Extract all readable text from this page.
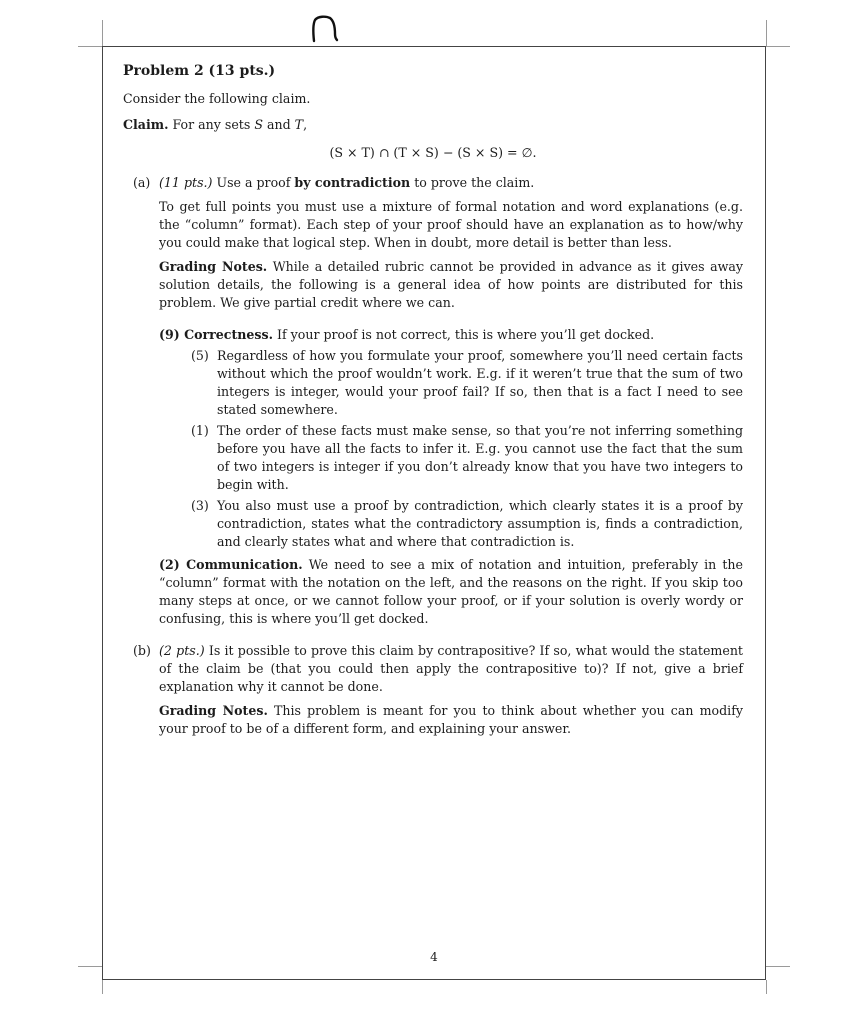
Problem 2 (13 pts.)

Consider the following claim.

Claim. For any sets S and T,

(S × T) ∩ (T × S) − (S × S) = ∅.

(a) (11 pts.) Use a proof by contradiction to prove the claim.

To get full points you must use a mixture of formal notation and word explanations (e.g. the “column” format). Each step of your proof should have an explanation as to how/why you could make that logical step. When in doubt, more detail is better than less.

Grading Notes. While a detailed rubric cannot be provided in advance as it gives away solution details, the following is a general idea of how points are distributed for this problem. We give partial credit where we can.

(9) Correctness. If your proof is not correct, this is where you’ll get docked.

(5) Regardless of how you formulate your proof, somewhere you’ll need certain facts without which the proof wouldn’t work. E.g. if it weren’t true that the sum of two integers is integer, would your proof fail? If so, then that is a fact I need to see stated somewhere.
(1) The order of these facts must make sense, so that you’re not inferring something before you have all the facts to infer it. E.g. you cannot use the fact that the sum of two integers is integer if you don’t already know that you have two integers to begin with.
(3) You also must use a proof by contradiction, which clearly states it is a proof by contradiction, states what the contradictory assumption is, finds a contradiction, and clearly states what and where that contradiction is.

(2) Communication. We need to see a mix of notation and intuition, preferably in the “column” format with the notation on the left, and the reasons on the right. If you skip too many steps at once, or we cannot follow your proof, or if your solution is overly wordy or confusing, this is where you’ll get docked.

(b) (2 pts.) Is it possible to prove this claim by contrapositive? If so, what would the statement of the claim be (that you could then apply the contrapositive to)? If not, give a brief explanation why it cannot be done.

Grading Notes. This problem is meant for you to think about whether you can modify your proof to be of a different form, and explaining your answer.

4
